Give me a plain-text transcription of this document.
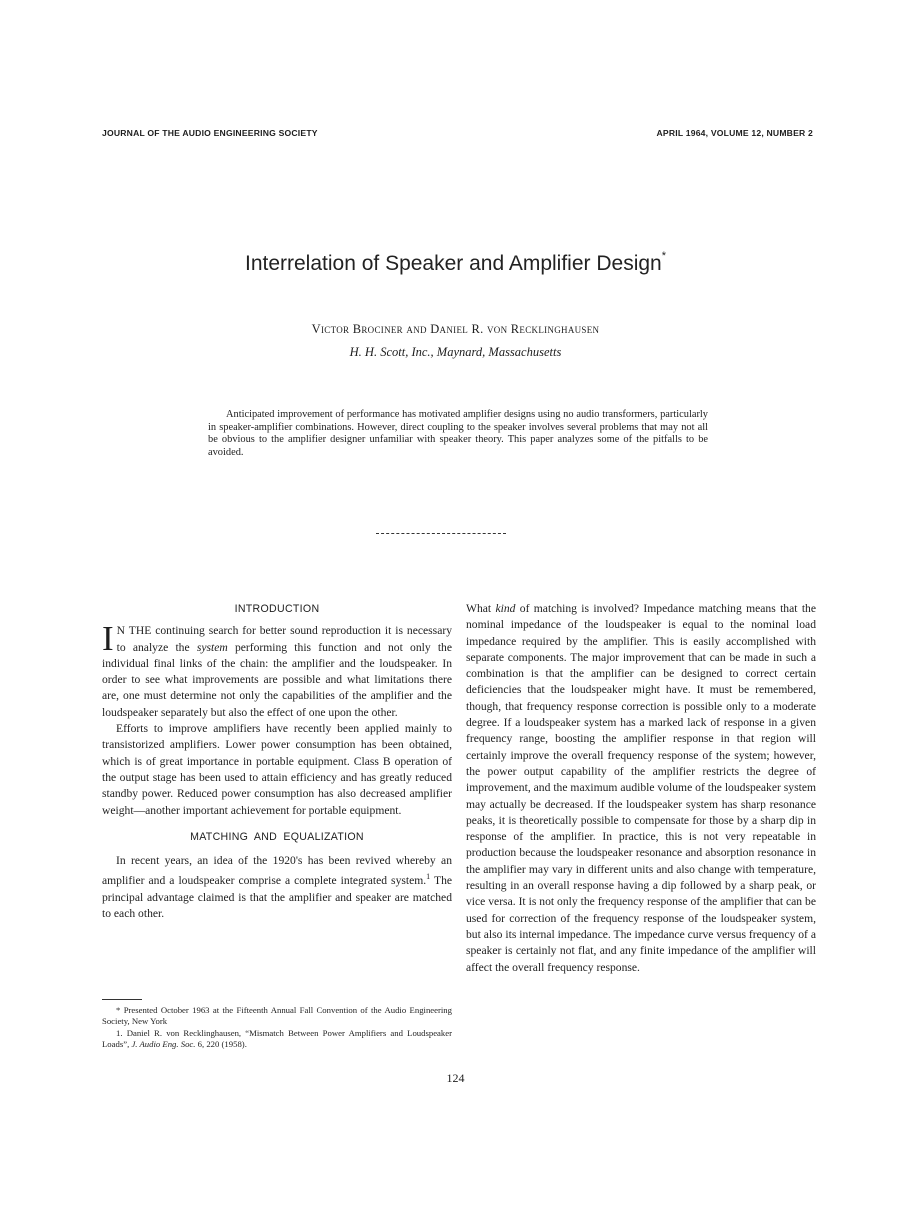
JOURNAL OF THE AUDIO ENGINEERING SOCIETY	APRIL 1964, VOLUME 12, NUMBER 2
Interrelation of Speaker and Amplifier Design*
Victor Brociner and Daniel R. von Recklinghausen
H. H. Scott, Inc., Maynard, Massachusetts
Anticipated improvement of performance has motivated amplifier designs using no audio transformers, particularly in speaker-amplifier combinations. However, direct coupling to the speaker involves several problems that may not all be obvious to the amplifier designer unfamiliar with speaker theory. This paper analyzes some of the pitfalls to be avoided.
INTRODUCTION

I N THE continuing search for better sound reproduction it is necessary to analyze the system performing this function and not only the individual final links of the chain: the amplifier and the loudspeaker. In order to see what improvements are possible and what limitations there are, one must determine not only the capabilities of the amplifier and the loudspeaker separately but also the effect of one upon the other.

Efforts to improve amplifiers have recently been applied mainly to transistorized amplifiers. Lower power consumption has been obtained, which is of great importance in portable equipment. Class B operation of the output stage has been used to attain efficiency and has greatly reduced standby power. Reduced power consumption has also decreased amplifier weight—another important achievement for portable equipment.

MATCHING AND EQUALIZATION

In recent years, an idea of the 1920's has been revived whereby an amplifier and a loudspeaker comprise a complete integrated system.$^1$ The principal advantage claimed is that the amplifier and speaker are matched to each other.

What kind of matching is involved? Impedance matching means that the nominal impedance of the loudspeaker is equal to the nominal load impedance required by the amplifier. This is easily accomplished with separate components. The major improvement that can be made in such a combination is that the amplifier can be designed to correct certain deficiencies that the loudspeaker might have. It must be remembered, though, that frequency response correction is possible only to a moderate degree. If a loudspeaker system has a marked lack of response in a given frequency range, boosting the amplifier response in that region will certainly improve the overall frequency response of the system; however, the power output capability of the amplifier restricts the degree of improvement, and the maximum audible volume of the loudspeaker system may actually be decreased. If the loudspeaker system has sharp resonance peaks, it is theoretically possible to compensate for those by a sharp dip in response of the amplifier. In practice, this is not very repeatable in production because the loudspeaker resonance and absorption resonance in the amplifier may vary in different units and also change with temperature, resulting in an overall response having a dip followed by a sharp peak, or vice versa. It is not only the frequency response of the amplifier that can be used for correction of the frequency response of the loudspeaker system, but also its internal impedance. The impedance curve versus frequency of a speaker is certainly not flat, and any finite impedance of the amplifier will affect the overall frequency response.

* Presented October 1963 at the Fifteenth Annual Fall Convention of the Audio Engineering Society, New York
1. Daniel R. von Recklinghausen, “Mismatch Between Power Amplifiers and Loudspeaker Loads”, J. Audio Eng. Soc. 6, 220 (1958).
124
